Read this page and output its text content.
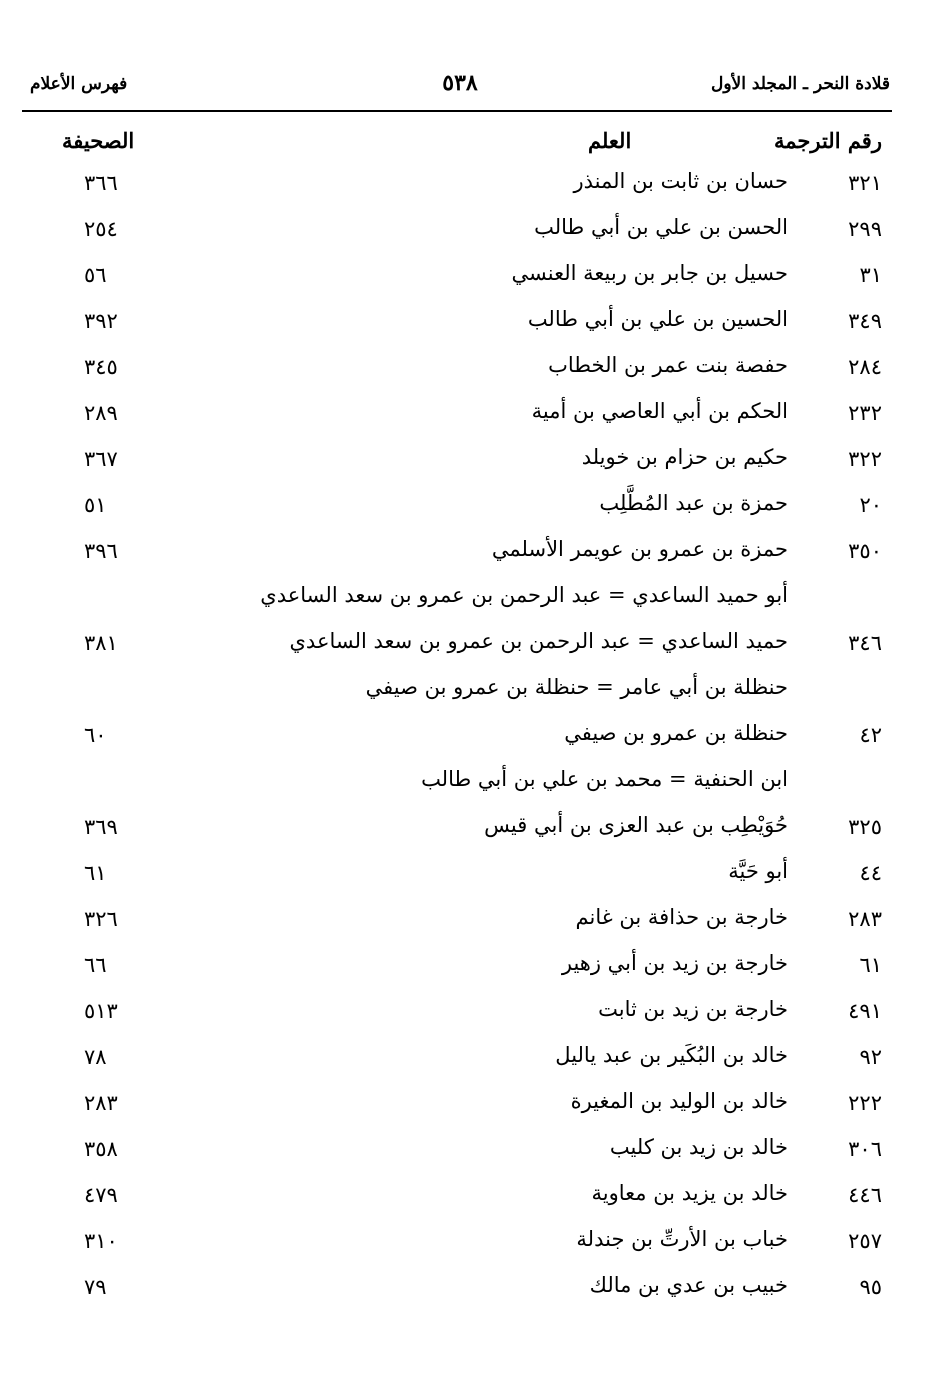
قلادة النحر ـ المجلد الأول
٥٣٨
فهرس الأعلام
رقم الترجمة
العلم
الصحيفة
٣٢١
حسان بن ثابت بن المنذر
٣٦٦
٢٩٩
الحسن بن علي بن أبي طالب
٢٥٤
٣١
حسيل بن جابر بن ربيعة العنسي
٥٦
٣٤٩
الحسين بن علي بن أبي طالب
٣٩٢
٢٨٤
حفصة بنت عمر بن الخطاب
٣٤٥
٢٣٢
الحكم بن أبي العاصي بن أمية
٢٨٩
٣٢٢
حكيم بن حزام بن خويلد
٣٦٧
٢٠
حمزة بن عبد المُطَّلِب
٥١
٣٥٠
حمزة بن عمرو بن عويمر الأسلمي
٣٩٦
أبو حميد الساعدي = عبد الرحمن بن عمرو بن سعد الساعدي
٣٤٦
حميد الساعدي = عبد الرحمن بن عمرو بن سعد الساعدي
٣٨١
حنظلة بن أبي عامر = حنظلة بن عمرو بن صيفي
٤٢
حنظلة بن عمرو بن صيفي
٦٠
ابن الحنفية = محمد بن علي بن أبي طالب
٣٢٥
حُوَيْطِب بن عبد العزى بن أبي قيس
٣٦٩
٤٤
أبو حَيَّة
٦١
٢٨٣
خارجة بن حذافة بن غانم
٣٢٦
٦١
خارجة بن زيد بن أبي زهير
٦٦
٤٩١
خارجة بن زيد بن ثابت
٥١٣
٩٢
خالد بن البُكَير بن عبد ياليل
٧٨
٢٢٢
خالد بن الوليد بن المغيرة
٢٨٣
٣٠٦
خالد بن زيد بن كليب
٣٥٨
٤٤٦
خالد بن يزيد بن معاوية
٤٧٩
٢٥٧
خباب بن الأرتِّ بن جندلة
٣١٠
٩٥
خبيب بن عدي بن مالك
٧٩
